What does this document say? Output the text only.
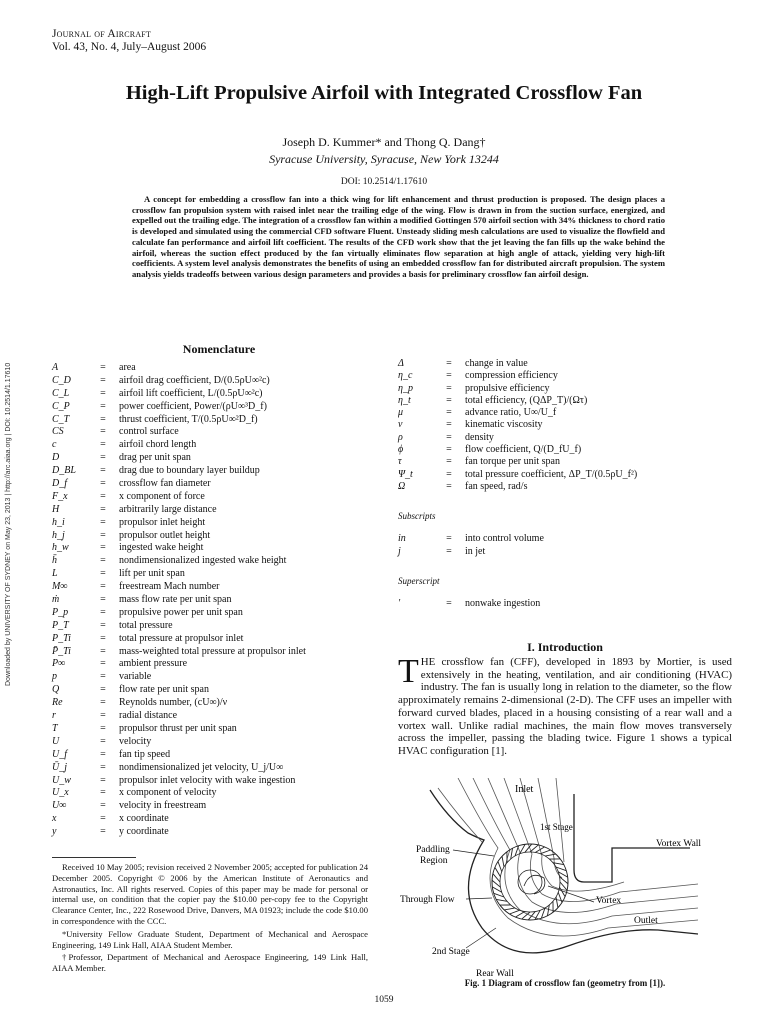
Journal of Aircraft
Vol. 43, No. 4, July–August 2006
High-Lift Propulsive Airfoil with Integrated Crossflow Fan
Joseph D. Kummer* and Thong Q. Dang†
Syracuse University, Syracuse, New York 13244
DOI: 10.2514/1.17610
A concept for embedding a crossflow fan into a thick wing for lift enhancement and thrust production is proposed. The design places a crossflow fan propulsion system with raised inlet near the trailing edge of the wing. Flow is drawn in from the suction surface, energized, and expelled out the trailing edge. The integration of a crossflow fan within a modified Gottingen 570 airfoil section with 34% thickness to chord ratio is developed and simulated using the commercial CFD software Fluent. Unsteady sliding mesh calculations are used to visualize the flowfield and calculate fan performance and airfoil lift coefficient. The results of the CFD work show that the jet leaving the fan fills up the wake behind the airfoil, whereas the suction effect produced by the fan virtually eliminates flow separation at high angle of attack, yielding very high-lift coefficients. A system level analysis demonstrates the benefits of using an embedded crossflow fan for distributed aircraft propulsion. The system analysis yields tradeoffs between various design parameters and provides a basis for preliminary crossflow fan airfoil design.
Downloaded by UNIVERSITY OF SYDNEY on May 23, 2013 | http://arc.aiaa.org | DOI: 10.2514/1.17610
Nomenclature
A	=	area
C_D	=	airfoil drag coefficient, D/(0.5ρU∞²c)
C_L	=	airfoil lift coefficient, L/(0.5ρU∞²c)
C_P	=	power coefficient, Power/(ρU∞³D_f)
C_T	=	thrust coefficient, T/(0.5ρU∞²D_f)
CS	=	control surface
c	=	airfoil chord length
D	=	drag per unit span
D_BL	=	drag due to boundary layer buildup
D_f	=	crossflow fan diameter
F_x	=	x component of force
H	=	arbitrarily large distance
h_i	=	propulsor inlet height
h_j	=	propulsor outlet height
h_w	=	ingested wake height
h̄	=	nondimensionalized ingested wake height
L	=	lift per unit span
M∞	=	freestream Mach number
ṁ	=	mass flow rate per unit span
P_p	=	propulsive power per unit span
P_T	=	total pressure
P_Ti	=	total pressure at propulsor inlet
P̄_Ti	=	mass-weighted total pressure at propulsor inlet
P∞	=	ambient pressure
p	=	variable
Q	=	flow rate per unit span
Re	=	Reynolds number, (cU∞)/ν
r	=	radial distance
T	=	propulsor thrust per unit span
U	=	velocity
U_f	=	fan tip speed
Ū_j	=	nondimensionalized jet velocity, U_j/U∞
U_w	=	propulsor inlet velocity with wake ingestion
U_x	=	x component of velocity
U∞	=	velocity in freestream
x	=	x coordinate
y	=	y coordinate
Δ	=	change in value
η_c	=	compression efficiency
η_p	=	propulsive efficiency
η_t	=	total efficiency, (QΔP_T)/(Ωτ)
μ	=	advance ratio, U∞/U_f
ν	=	kinematic viscosity
ρ	=	density
ϕ	=	flow coefficient, Q/(D_fU_f)
τ	=	fan torque per unit span
Ψ_t	=	total pressure coefficient, ΔP_T/(0.5ρU_f²)
Ω	=	fan speed, rad/s
Subscripts
in	=	into control volume
j	=	in jet
Superscript
′	=	nonwake ingestion

Received 10 May 2005; revision received 2 November 2005; accepted for publication 24 December 2005. Copyright © 2006 by the American Institute of Aeronautics and Astronautics, Inc. All rights reserved. Copies of this paper may be made for personal or internal use, on condition that the copier pay the $10.00 per-copy fee to the Copyright Clearance Center, Inc., 222 Rosewood Drive, Danvers, MA 01923; include the code $10.00 in correspondence with the CCC.

*University Fellow Graduate Student, Department of Mechanical and Aerospace Engineering, 149 Link Hall, AIAA Student Member.

†Professor, Department of Mechanical and Aerospace Engineering, 149 Link Hall, AIAA Member.

I. Introduction
THE crossflow fan (CFF), developed in 1893 by Mortier, is used extensively in the heating, ventilation, and air conditioning (HVAC) industry. The fan is usually long in relation to the diameter, so the flow approximately remains 2-dimensional (2-D). The CFF uses an impeller with forward curved blades, placed in a housing consisting of a rear wall and a vortex wall. Unlike radial machines, the main flow moves transversely across the impeller, passing the blading twice. Figure 1 shows a typical HVAC configuration [1].
Inlet
1st Stage
Paddling
Region
Vortex Wall
Through Flow	Vortex
Outlet
2nd Stage
Rear Wall
Fig. 1 Diagram of crossflow fan (geometry from [1]).
1059
